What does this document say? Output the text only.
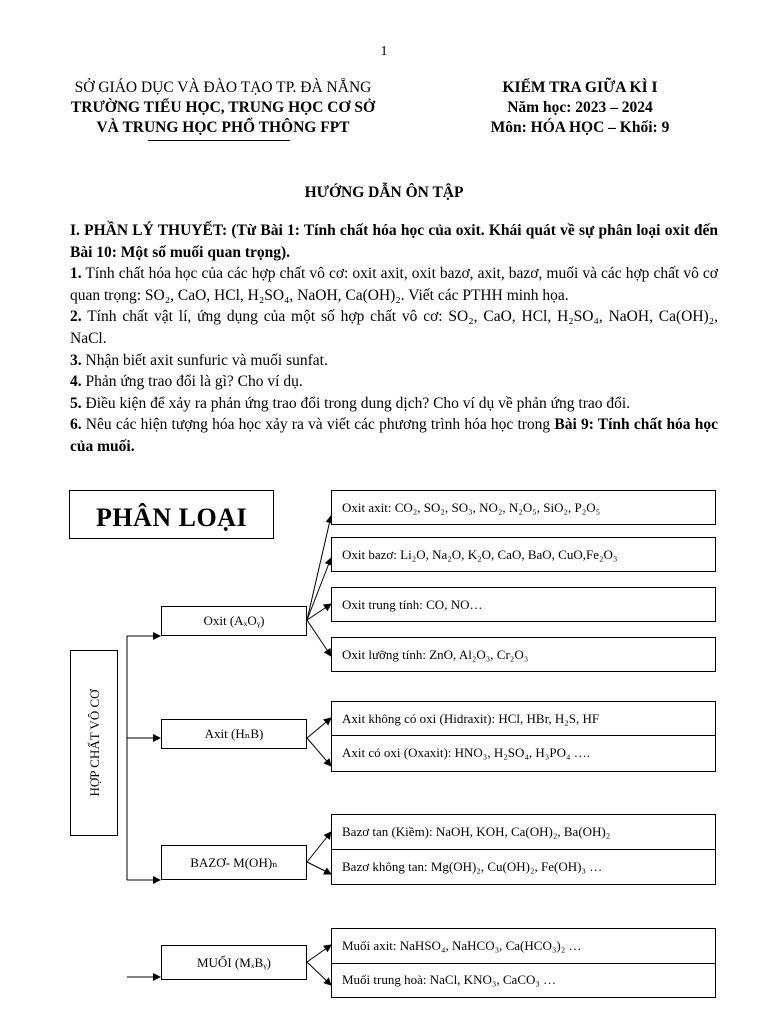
1
SỞ GIÁO DỤC VÀ ĐÀO TẠO TP. ĐÀ NẴNG
TRƯỜNG TIỂU HỌC, TRUNG HỌC CƠ SỞ
VÀ TRUNG HỌC PHỔ THÔNG FPT
KIỂM TRA GIỮA KÌ I
Năm học: 2023 – 2024
Môn: HÓA HỌC – Khối: 9
HƯỚNG DẪN ÔN TẬP

I. PHẦN LÝ THUYẾT: (Từ Bài 1: Tính chất hóa học của oxit. Khái quát về sự phân loại oxit đến Bài 10: Một số muối quan trọng).

1. Tính chất hóa học của các hợp chất vô cơ: oxit axit, oxit bazơ, axit, bazơ, muối và các hợp chất vô cơ quan trọng: SO₂, CaO, HCl, H₂SO₄, NaOH, Ca(OH)₂. Viết các PTHH minh họa.

2. Tính chất vật lí, ứng dụng của một số hợp chất vô cơ: SO₂, CaO, HCl, H₂SO₄, NaOH, Ca(OH)₂, NaCl.

3. Nhận biết axit sunfuric và muối sunfat.

4. Phản ứng trao đổi là gì? Cho ví dụ.

5. Điều kiện để xảy ra phản ứng trao đổi trong dung dịch? Cho ví dụ về phản ứng trao đổi.

6. Nêu các hiện tượng hóa học xảy ra và viết các phương trình hóa học trong Bài 9: Tính chất hóa học của muối.

PHÂN LOẠI
HỢP CHẤT VÔ CƠ
Oxit (AₓOᵧ)
Axit (HₙB)
BAZƠ- M(OH)ₙ
MUỐI (MₓBᵧ)
Oxit axit: CO₂, SO₂, SO₃, NO₂, N₂O₅, SiO₂, P₂O₅
Oxit bazơ: Li₂O, Na₂O, K₂O, CaO, BaO, CuO,Fe₂O₃
Oxit trung tính: CO, NO…
Oxit lưỡng tính: ZnO, Al₂O₃, Cr₂O₃
Axit không có oxi (Hidraxit): HCl, HBr, H₂S, HF
Axit có oxi (Oxaxit): HNO₃, H₂SO₄, H₃PO₄ ….
Bazơ tan (Kiềm): NaOH, KOH, Ca(OH)₂, Ba(OH)₂
Bazơ không tan: Mg(OH)₂, Cu(OH)₂, Fe(OH)₃ …
Muối axit: NaHSO₄, NaHCO₃, Ca(HCO₃)₂ …
Muối trung hoà: NaCl, KNO₃, CaCO₃ …
